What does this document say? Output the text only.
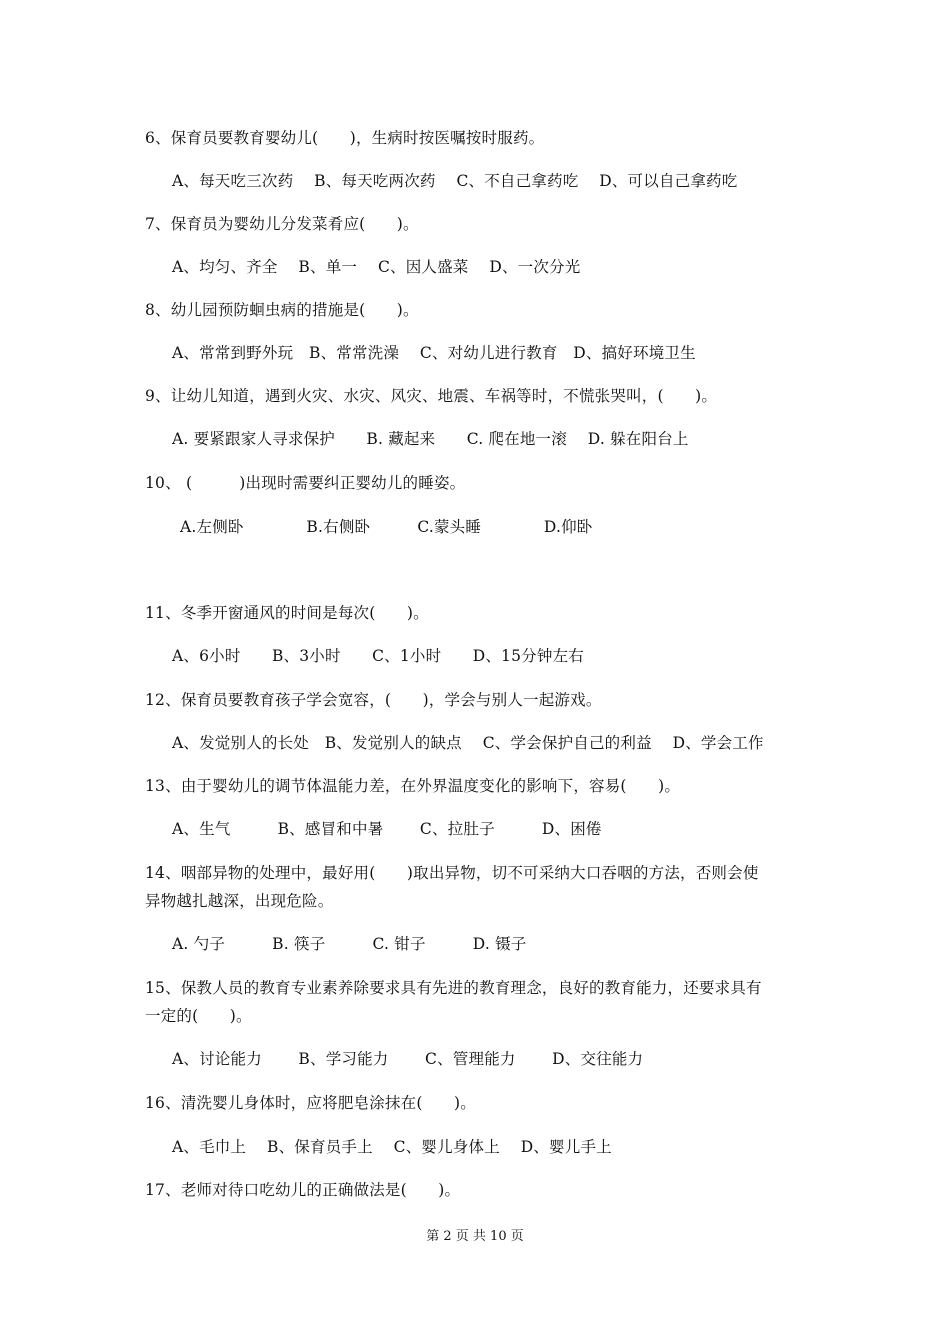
6、保育员要教育婴幼儿(　　)，生病时按医嘱按时服药。
A、每天吃三次药　 B、每天吃两次药　 C、不自己拿药吃　 D、可以自己拿药吃
7、保育员为婴幼儿分发菜肴应(　　)。
A、均匀、齐全　 B、单一　 C、因人盛菜　 D、一次分光
8、幼儿园预防蛔虫病的措施是(　　)。
A、常常到野外玩　B、常常洗澡　 C、对幼儿进行教育　D、搞好环境卫生
9、让幼儿知道，遇到火灾、水灾、风灾、地震、车祸等时，不慌张哭叫，(　　)。
A. 要紧跟家人寻求保护　　B. 藏起来　　C. 爬在地一滚　 D. 躲在阳台上
10、 (　　　)出现时需要纠正婴幼儿的睡姿。
A.左侧卧　　　　B.右侧卧　　　C.蒙头睡　　　　D.仰卧
11、冬季开窗通风的时间是每次(　　)。
A、6小时　　B、3小时　　C、1小时　　D、15分钟左右
12、保育员要教育孩子学会宽容，(　　)，学会与别人一起游戏。
A、发觉别人的长处　B、发觉别人的缺点　 C、学会保护自己的利益　 D、学会工作
13、由于婴幼儿的调节体温能力差，在外界温度变化的影响下，容易(　　)。
A、生气　　　B、感冒和中暑　　 C、拉肚子　　　D、困倦
14、咽部异物的处理中，最好用(　　)取出异物，切不可采纳大口吞咽的方法，否则会使
异物越扎越深，出现危险。
A. 勺子　　　B. 筷子　　　C. 钳子　　　D. 镊子
15、保教人员的教育专业素养除要求具有先进的教育理念，良好的教育能力，还要求具有
一定的(　　)。
A、讨论能力　　 B、学习能力　　 C、管理能力　　 D、交往能力
16、清洗婴儿身体时，应将肥皂涂抹在(　　)。
A、毛巾上　 B、保育员手上　 C、婴儿身体上　 D、婴儿手上
17、老师对待口吃幼儿的正确做法是(　　)。
第 2 页 共 10 页
